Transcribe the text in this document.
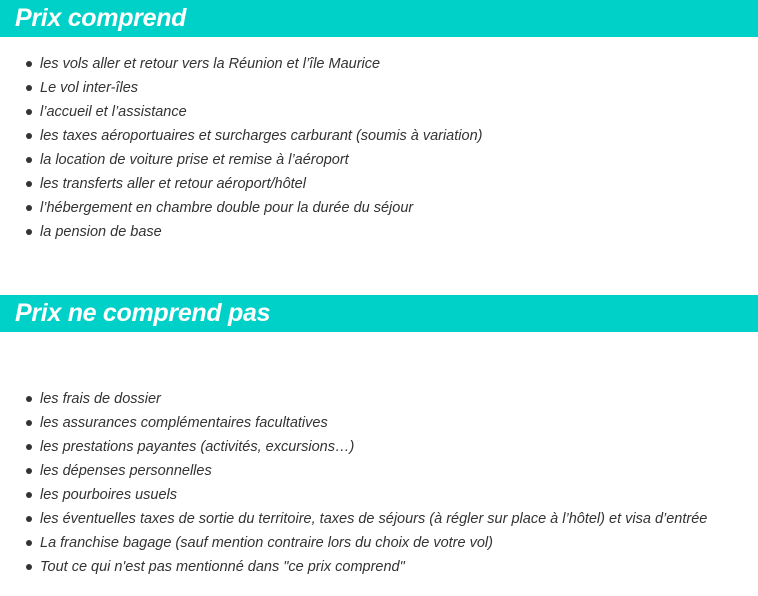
Prix comprend
les vols aller et retour vers la Réunion et l’île Maurice
Le vol inter-îles
l’accueil et l’assistance
les taxes aéroportuaires et surcharges carburant (soumis à variation)
la location de voiture prise et remise à l’aéroport
les transferts aller et retour aéroport/hôtel
l’hébergement en chambre double pour la durée du séjour
la pension de base
Prix ne comprend pas
les frais de dossier
les assurances complémentaires facultatives
les prestations payantes (activités, excursions…)
les dépenses personnelles
les pourboires usuels
les éventuelles taxes de sortie du territoire, taxes de séjours (à régler sur place à l’hôtel) et visa d’entrée
La franchise bagage (sauf mention contraire lors du choix de votre vol)
Tout ce qui n'est pas mentionné dans "ce prix comprend"
